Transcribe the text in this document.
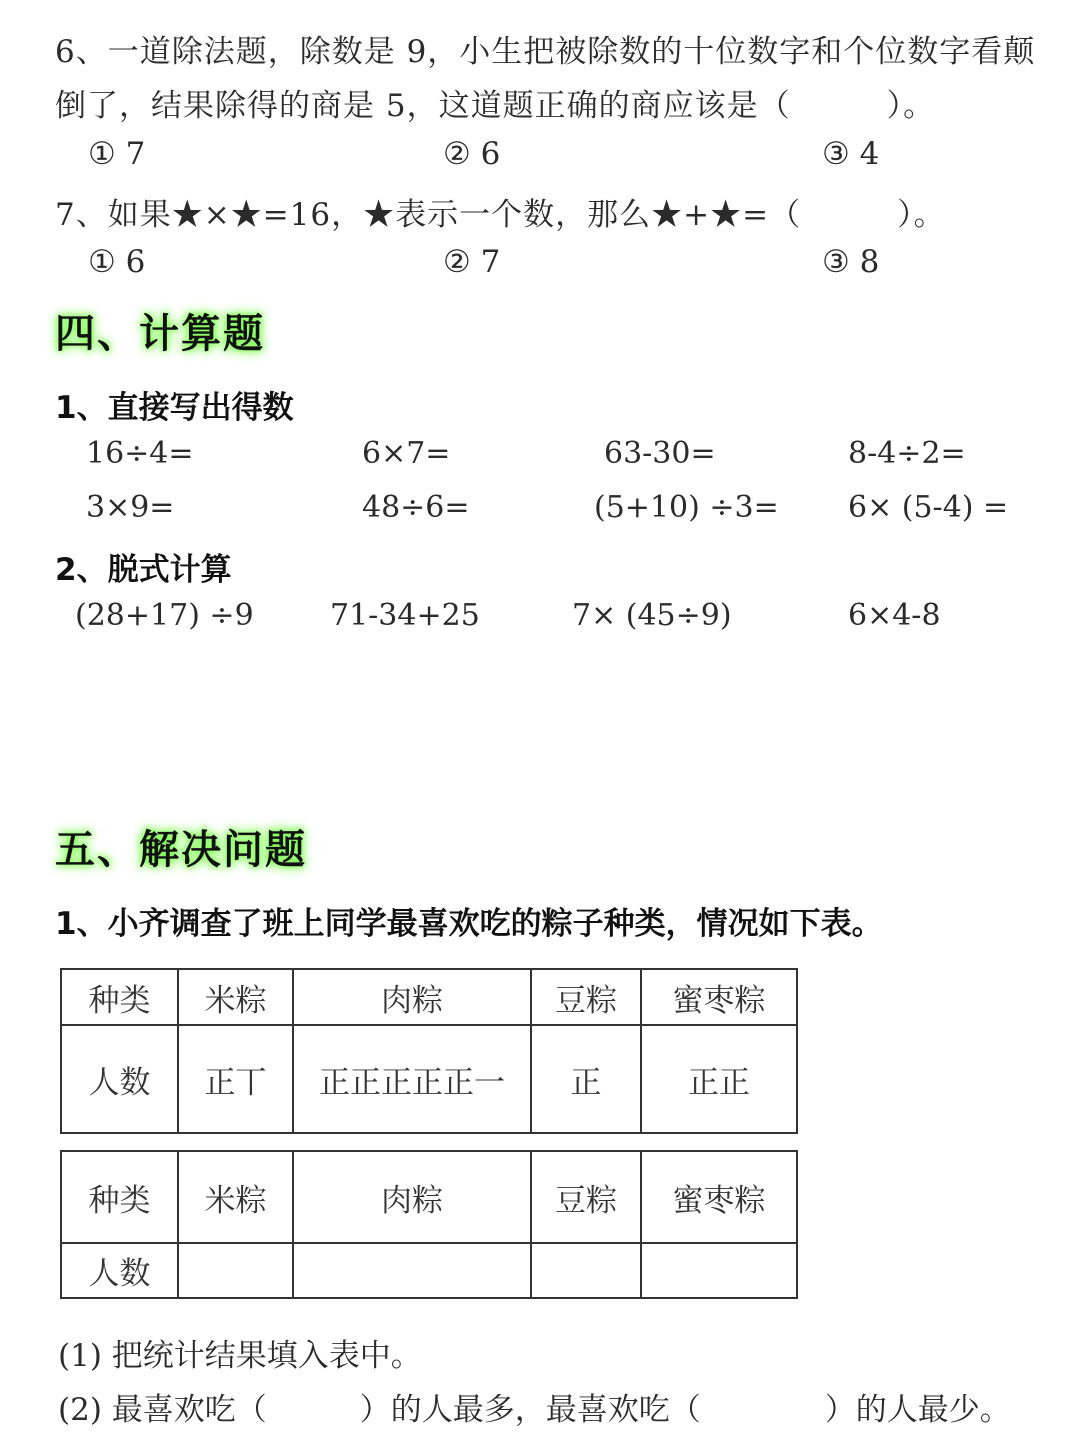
6、一道除法题，除数是 9，小生把被除数的十位数字和个位数字看颠
倒了，结果除得的商是 5，这道题正确的商应该是（　　　）。
① 7	② 6	③ 4
7、如果★×★=16，★表示一个数，那么★+★=（　　　）。
① 6	② 7	③ 8
四、计算题
1、直接写出得数
16÷4=	6×7=	63-30=	8-4÷2=
3×9=	48÷6=	(5+10) ÷3= 6× (5-4) =
2、脱式计算
(28+17) ÷9	71-34+25	7× (45÷9)	6×4-8
五、解决问题
1、小齐调查了班上同学最喜欢吃的粽子种类，情况如下表。
种类	米粽	肉粽	豆粽	蜜枣粽
人数	正丅	正正正正正一	正	正正
种类	米粽	肉粽	豆粽	蜜枣粽
人数				
(1) 把统计结果填入表中。
(2) 最喜欢吃（　　　）的人最多，最喜欢吃（　　　　）的人最少。
